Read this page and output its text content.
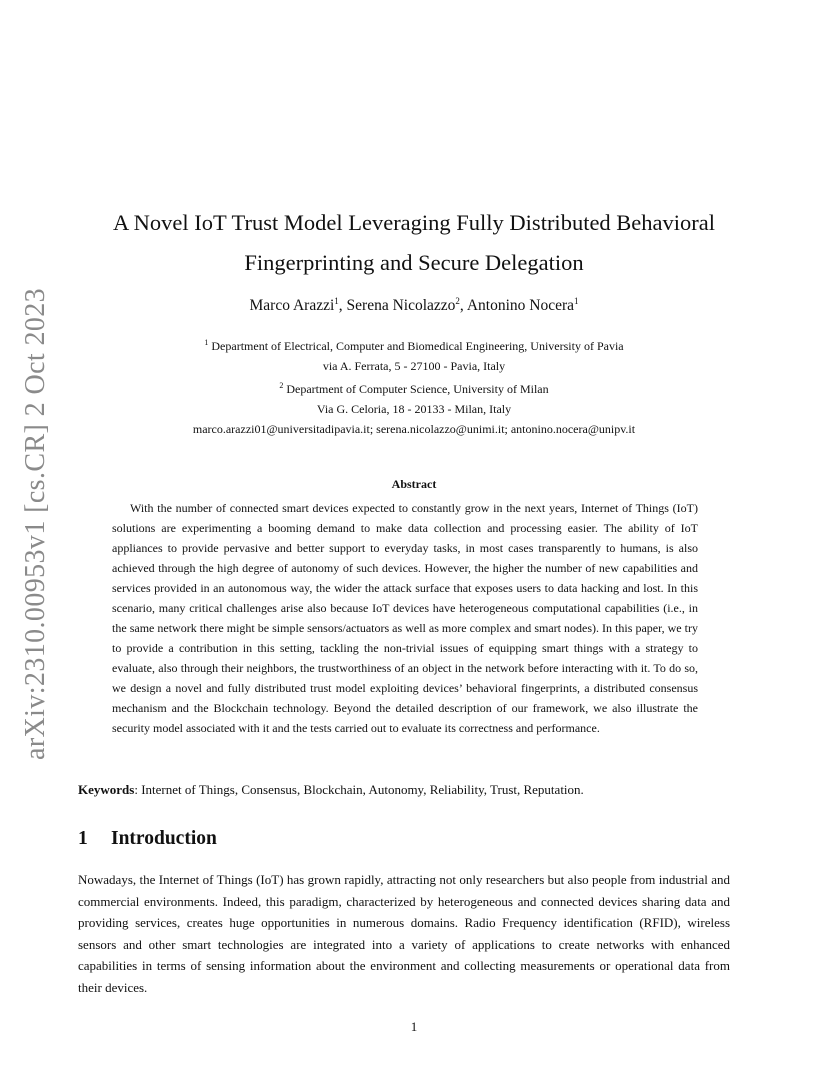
arXiv:2310.00953v1 [cs.CR] 2 Oct 2023
A Novel IoT Trust Model Leveraging Fully Distributed Behavioral Fingerprinting and Secure Delegation
Marco Arazzi$^1$, Serena Nicolazzo$^2$, Antonino Nocera$^1$
$^1$ Department of Electrical, Computer and Biomedical Engineering, University of Pavia
via A. Ferrata, 5 - 27100 - Pavia, Italy
$^2$ Department of Computer Science, University of Milan
Via G. Celoria, 18 - 20133 - Milan, Italy
marco.arazzi01@universitadipavia.it; serena.nicolazzo@unimi.it; antonino.nocera@unipv.it
Abstract

With the number of connected smart devices expected to constantly grow in the next years, Internet of Things (IoT) solutions are experimenting a booming demand to make data collection and processing easier. The ability of IoT appliances to provide pervasive and better support to everyday tasks, in most cases transparently to humans, is also achieved through the high degree of autonomy of such devices. However, the higher the number of new capabilities and services provided in an autonomous way, the wider the attack surface that exposes users to data hacking and lost. In this scenario, many critical challenges arise also because IoT devices have heterogeneous computational capabilities (i.e., in the same network there might be simple sensors/actuators as well as more complex and smart nodes). In this paper, we try to provide a contribution in this setting, tackling the non-trivial issues of equipping smart things with a strategy to evaluate, also through their neighbors, the trustworthiness of an object in the network before interacting with it. To do so, we design a novel and fully distributed trust model exploiting devices’ behavioral fingerprints, a distributed consensus mechanism and the Blockchain technology. Beyond the detailed description of our framework, we also illustrate the security model associated with it and the tests carried out to evaluate its correctness and performance.

Keywords: Internet of Things, Consensus, Blockchain, Autonomy, Reliability, Trust, Reputation.
1 Introduction

Nowadays, the Internet of Things (IoT) has grown rapidly, attracting not only researchers but also people from industrial and commercial environments. Indeed, this paradigm, characterized by heterogeneous and connected devices sharing data and providing services, creates huge opportunities in numerous domains. Radio Frequency identification (RFID), wireless sensors and other smart technologies are integrated into a variety of applications to create networks with enhanced capabilities in terms of sensing information about the environment and collecting measurements or operational data from their devices.

1
